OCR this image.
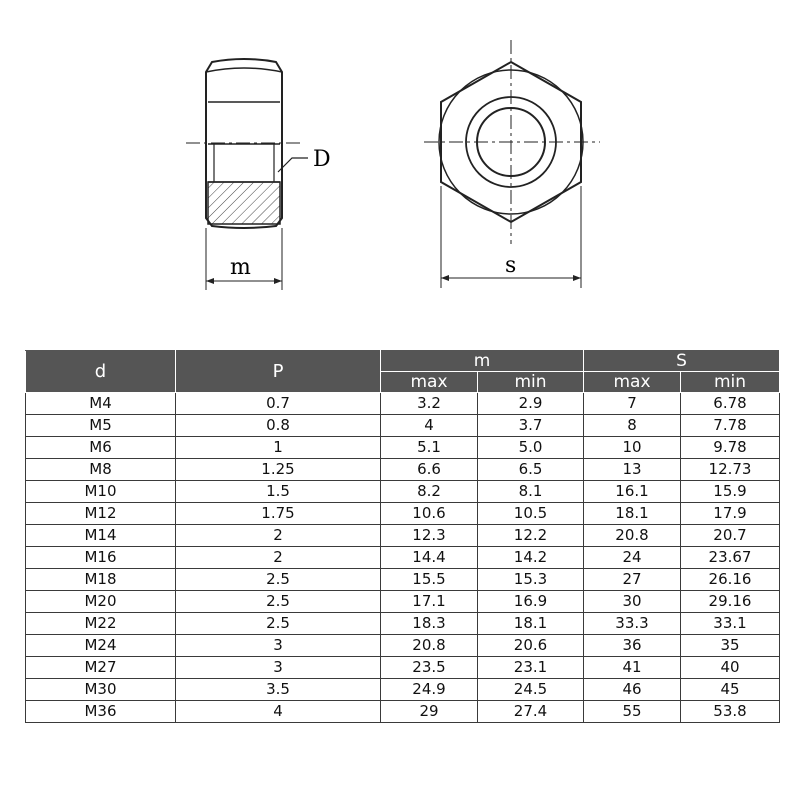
m
D
s
d	P	m		S	
		max	min	max	min
M4	0.7	3.2	2.9	7	6.78
M5	0.8	4	3.7	8	7.78
M6	1	5.1	5.0	10	9.78
M8	1.25	6.6	6.5	13	12.73
M10	1.5	8.2	8.1	16.1	15.9
M12	1.75	10.6	10.5	18.1	17.9
M14	2	12.3	12.2	20.8	20.7
M16	2	14.4	14.2	24	23.67
M18	2.5	15.5	15.3	27	26.16
M20	2.5	17.1	16.9	30	29.16
M22	2.5	18.3	18.1	33.3	33.1
M24	3	20.8	20.6	36	35
M27	3	23.5	23.1	41	40
M30	3.5	24.9	24.5	46	45
M36	4	29	27.4	55	53.8
